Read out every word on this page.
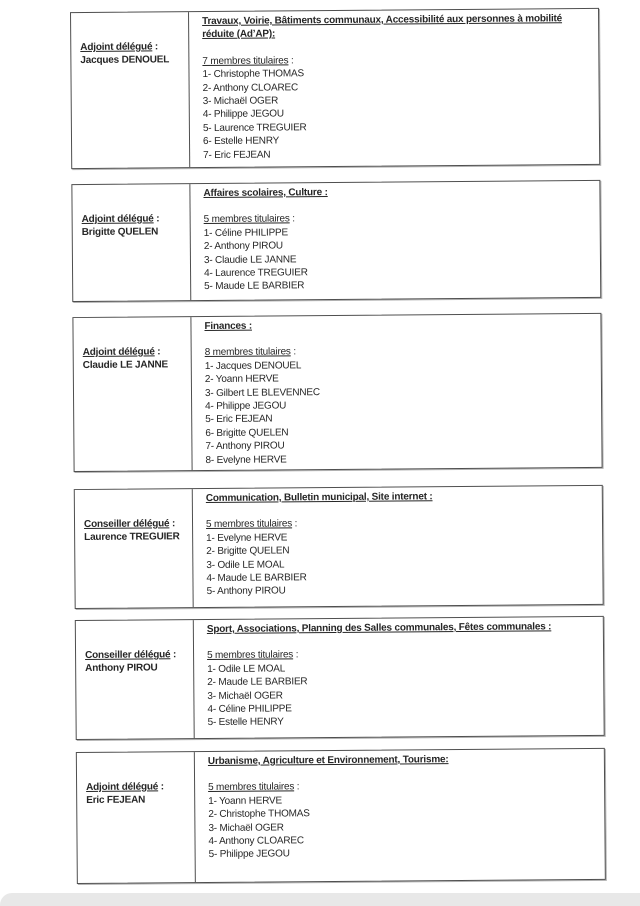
Adjoint délégué :
Jacques DENOUEL
Travaux, Voirie, Bâtiments communaux, Accessibilité aux personnes à mobilité réduite (Ad’AP):
7 membres titulaires :
1- Christophe THOMAS
2- Anthony CLOAREC
3- Michaël OGER
4- Philippe JEGOU
5- Laurence TREGUIER
6- Estelle HENRY
7- Eric FEJEAN
Adjoint délégué :
Brigitte QUELEN
Affaires scolaires, Culture :
5 membres titulaires :
1- Céline PHILIPPE
2- Anthony PIROU
3- Claudie LE JANNE
4- Laurence TREGUIER
5- Maude LE BARBIER
Adjoint délégué :
Claudie LE JANNE
Finances :
8 membres titulaires :
1- Jacques DENOUEL
2- Yoann HERVE
3- Gilbert LE BLEVENNEC
4- Philippe JEGOU
5- Eric FEJEAN
6- Brigitte QUELEN
7- Anthony PIROU
8- Evelyne HERVE
Conseiller délégué :
Laurence TREGUIER
Communication, Bulletin municipal, Site internet :
5 membres titulaires :
1- Evelyne HERVE
2- Brigitte QUELEN
3- Odile LE MOAL
4- Maude LE BARBIER
5- Anthony PIROU
Conseiller délégué :
Anthony PIROU
Sport, Associations, Planning des Salles communales, Fêtes communales :
5 membres titulaires :
1- Odile LE MOAL
2- Maude LE BARBIER
3- Michaël OGER
4- Céline PHILIPPE
5- Estelle HENRY
Adjoint délégué :
Eric FEJEAN
Urbanisme, Agriculture et Environnement, Tourisme:
5 membres titulaires :
1- Yoann HERVE
2- Christophe THOMAS
3- Michaël OGER
4- Anthony CLOAREC
5- Philippe JEGOU
